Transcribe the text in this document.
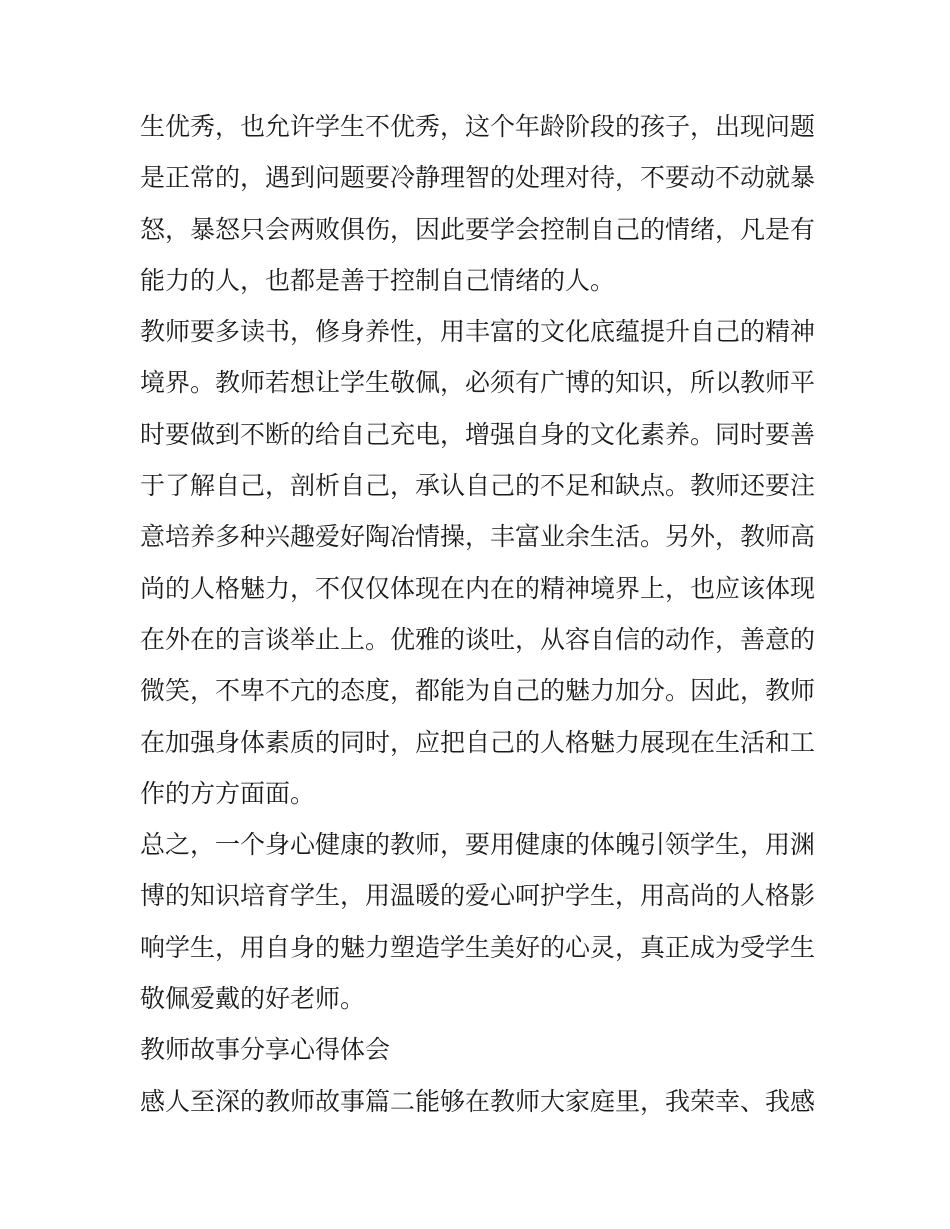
生优秀，也允许学生不优秀，这个年龄阶段的孩子，出现问题是正常的，遇到问题要冷静理智的处理对待，不要动不动就暴怒，暴怒只会两败俱伤，因此要学会控制自己的情绪，凡是有能力的人，也都是善于控制自己情绪的人。

教师要多读书，修身养性，用丰富的文化底蕴提升自己的精神境界。教师若想让学生敬佩，必须有广博的知识，所以教师平时要做到不断的给自己充电，增强自身的文化素养。同时要善于了解自己，剖析自己，承认自己的不足和缺点。教师还要注意培养多种兴趣爱好陶冶情操，丰富业余生活。另外，教师高尚的人格魅力，不仅仅体现在内在的精神境界上，也应该体现在外在的言谈举止上。优雅的谈吐，从容自信的动作，善意的微笑，不卑不亢的态度，都能为自己的魅力加分。因此，教师在加强身体素质的同时，应把自己的人格魅力展现在生活和工作的方方面面。

总之，一个身心健康的教师，要用健康的体魄引领学生，用渊博的知识培育学生，用温暖的爱心呵护学生，用高尚的人格影响学生，用自身的魅力塑造学生美好的心灵，真正成为受学生敬佩爱戴的好老师。

教师故事分享心得体会

感人至深的教师故事篇二能够在教师大家庭里，我荣幸、我感
